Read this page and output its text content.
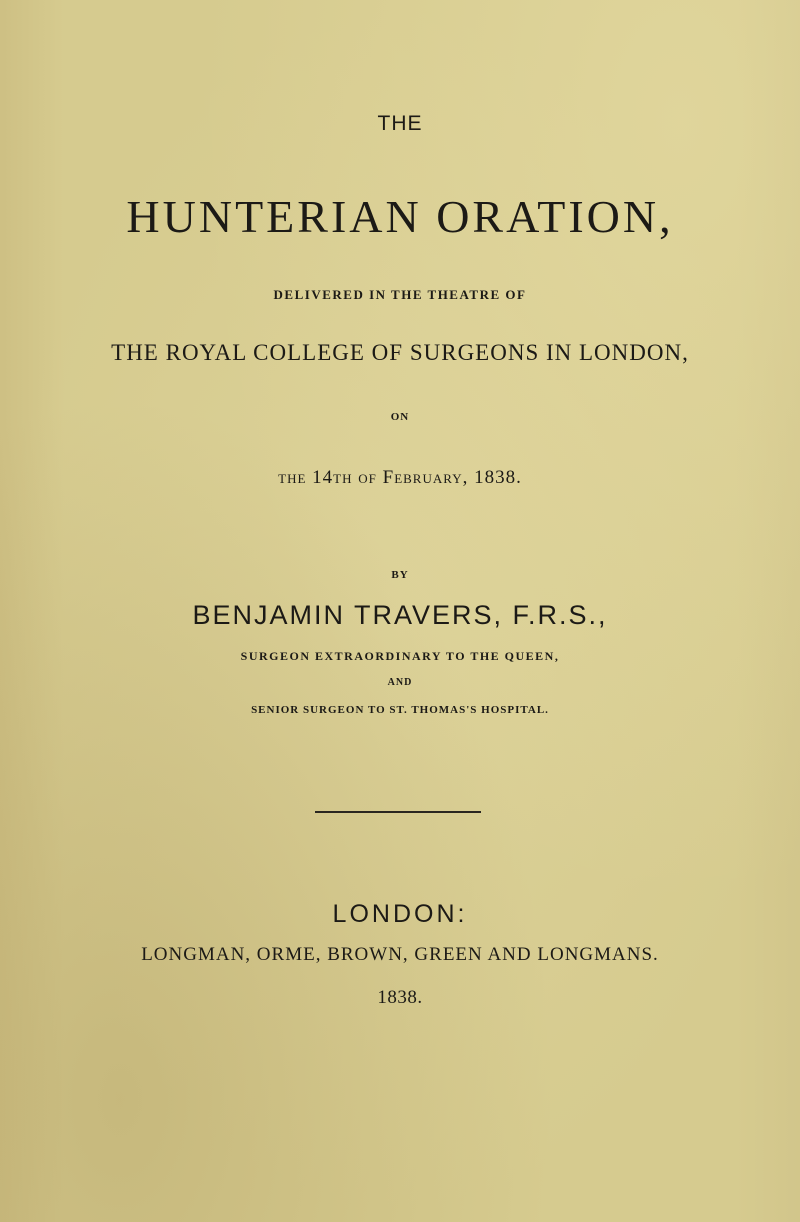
THE
HUNTERIAN ORATION,
DELIVERED IN THE THEATRE OF
THE ROYAL COLLEGE OF SURGEONS IN LONDON,
ON
the 14th of February, 1838.
BY
BENJAMIN TRAVERS, F.R.S.,
SURGEON EXTRAORDINARY TO THE QUEEN,
AND
SENIOR SURGEON TO ST. THOMAS'S HOSPITAL.
LONDON:
LONGMAN, ORME, BROWN, GREEN AND LONGMANS.
1838.
